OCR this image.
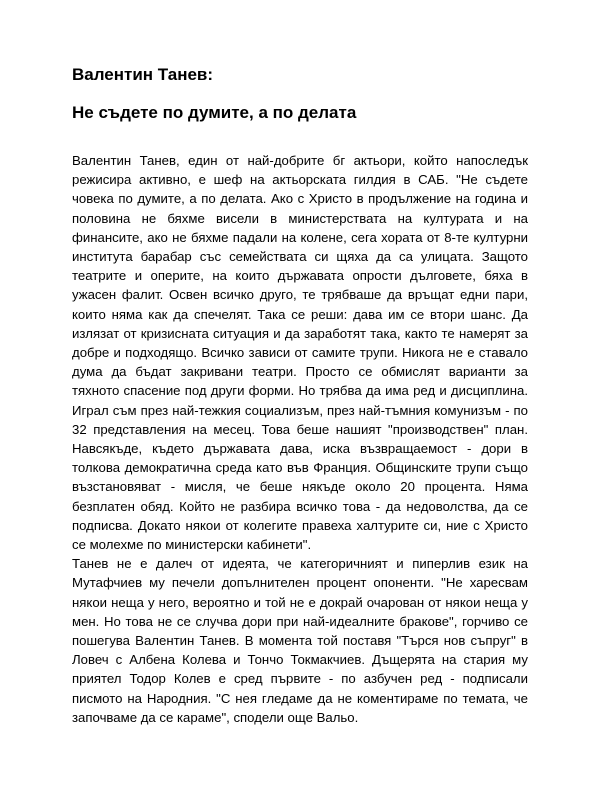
Валентин Танев:
Не съдете по думите, а по делата

Валентин Танев, един от най-добрите бг актьори, който напоследък режисира активно, е шеф на актьорската гилдия в САБ. "Не съдете човека по думите, а по делата. Ако с Христо в продължение на година и половина не бяхме висели в министерствата на културата и на финансите, ако не бяхме падали на колене, сега хората от 8-те културни института барабар със семействата си щяха да са улицата. Защото театрите и оперите, на които държавата опрости дълговете, бяха в ужасен фалит. Освен всичко друго, те трябваше да връщат едни пари, които няма как да спечелят. Така се реши: дава им се втори шанс. Да излязат от кризисната ситуация и да заработят така, както те намерят за добре и подходящо. Всичко зависи от самите трупи. Никога не е ставало дума да бъдат закривани театри. Просто се обмислят варианти за тяхното спасение под други форми. Но трябва да има ред и дисциплина. Играл съм през най-тежкия социализъм, през най-тъмния комунизъм - по 32 представления на месец. Това беше нашият "производствен" план. Навсякъде, където държавата дава, иска възвращаемост - дори в толкова демократична среда като във Франция. Общинските трупи също възстановяват - мисля, че беше някъде около 20 процента. Няма безплатен обяд. Който не разбира всичко това - да недоволства, да се подписва. Докато някои от колегите правеха халтурите си, ние с Христо се молехме по министерски кабинети".

Танев не е далеч от идеята, че категоричният и пиперлив език на Мутафчиев му печели допълнителен процент опоненти. "Не харесвам някои неща у него, вероятно и той не е докрай очарован от някои неща у мен. Но това не се случва дори при най-идеалните бракове", горчиво се пошегува Валентин Танев. В момента той поставя "Търся нов съпруг" в Ловеч с Албена Колева и Тончо Токмакчиев. Дъщерята на стария му приятел Тодор Колев е сред първите - по азбучен ред - подписали писмото на Народния. "С нея гледаме да не коментираме по темата, че започваме да се караме", сподели още Вальо.
